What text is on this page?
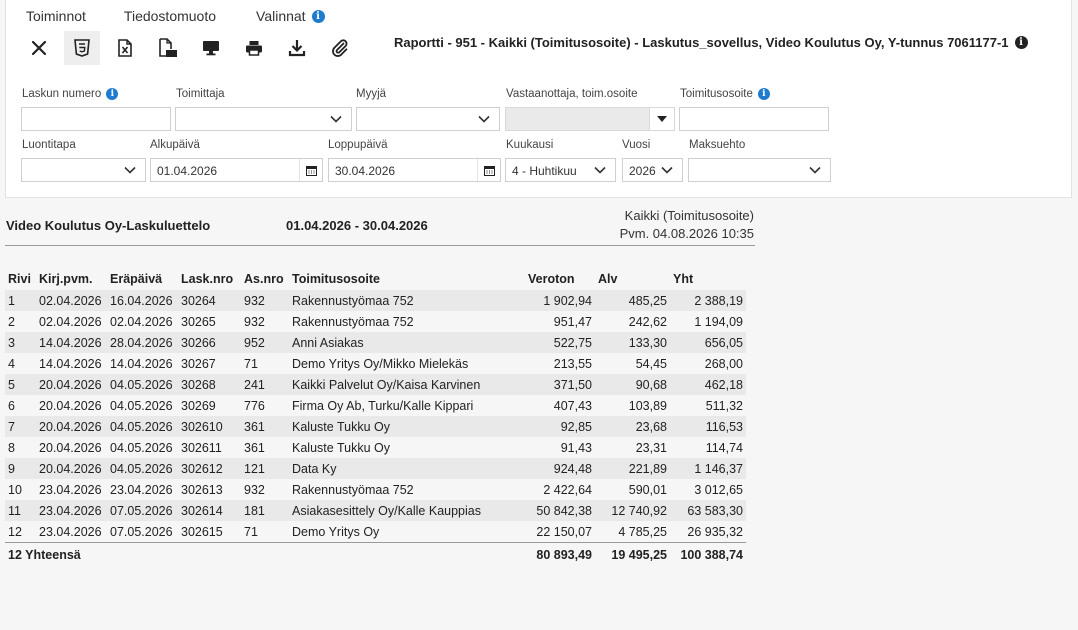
Toiminnot	Tiedostomuoto	Valinnat	i
Raportti - 951 - Kaikki (Toimitusosoite) - Laskutus_sovellus, Video Koulutus Oy, Y-tunnus 7061177-1	i
Laskun numero	i	Toimittaja	Myyjä	Vastaanottaja, toim.osoite	Toimitusosoite	i
Luontitapa	Alkupäivä
01.04.2026
Loppupäivä
30.04.2026
Kuukausi
4 - Huhtikuu
Vuosi
2026
Maksuehto
Video Koulutus Oy-Laskuluettelo	01.04.2026 - 30.04.2026
Kaikki (Toimitusosoite)
Pvm. 04.08.2026 10:35
Rivi	Kirj.pvm.	Eräpäivä	Lask.nro	As.nro	Toimitusosoite	Veroton	Alv	Yht
1	02.04.2026	16.04.2026	30264	932	Rakennustyömaa 752	1 902,94	485,25	2 388,19
2	02.04.2026	02.04.2026	30265	932	Rakennustyömaa 752	951,47	242,62	1 194,09
3	14.04.2026	28.04.2026	30266	952	Anni Asiakas	522,75	133,30	656,05
4	14.04.2026	14.04.2026	30267	71	Demo Yritys Oy/Mikko Mielekäs	213,55	54,45	268,00
5	20.04.2026	04.05.2026	30268	241	Kaikki Palvelut Oy/Kaisa Karvinen	371,50	90,68	462,18
6	20.04.2026	04.05.2026	30269	776	Firma Oy Ab, Turku/Kalle Kippari	407,43	103,89	511,32
7	20.04.2026	04.05.2026	302610	361	Kaluste Tukku Oy	92,85	23,68	116,53
8	20.04.2026	04.05.2026	302611	361	Kaluste Tukku Oy	91,43	23,31	114,74
9	20.04.2026	04.05.2026	302612	121	Data Ky	924,48	221,89	1 146,37
10	23.04.2026	23.04.2026	302613	932	Rakennustyömaa 752	2 422,64	590,01	3 012,65
11	23.04.2026	07.05.2026	302614	181	Asiakasesittely Oy/Kalle Kauppias	50 842,38	12 740,92	63 583,30
12	23.04.2026	07.05.2026	302615	71	Demo Yritys Oy	22 150,07	4 785,25	26 935,32
12 Yhteensä						80 893,49	19 495,25	100 388,74
